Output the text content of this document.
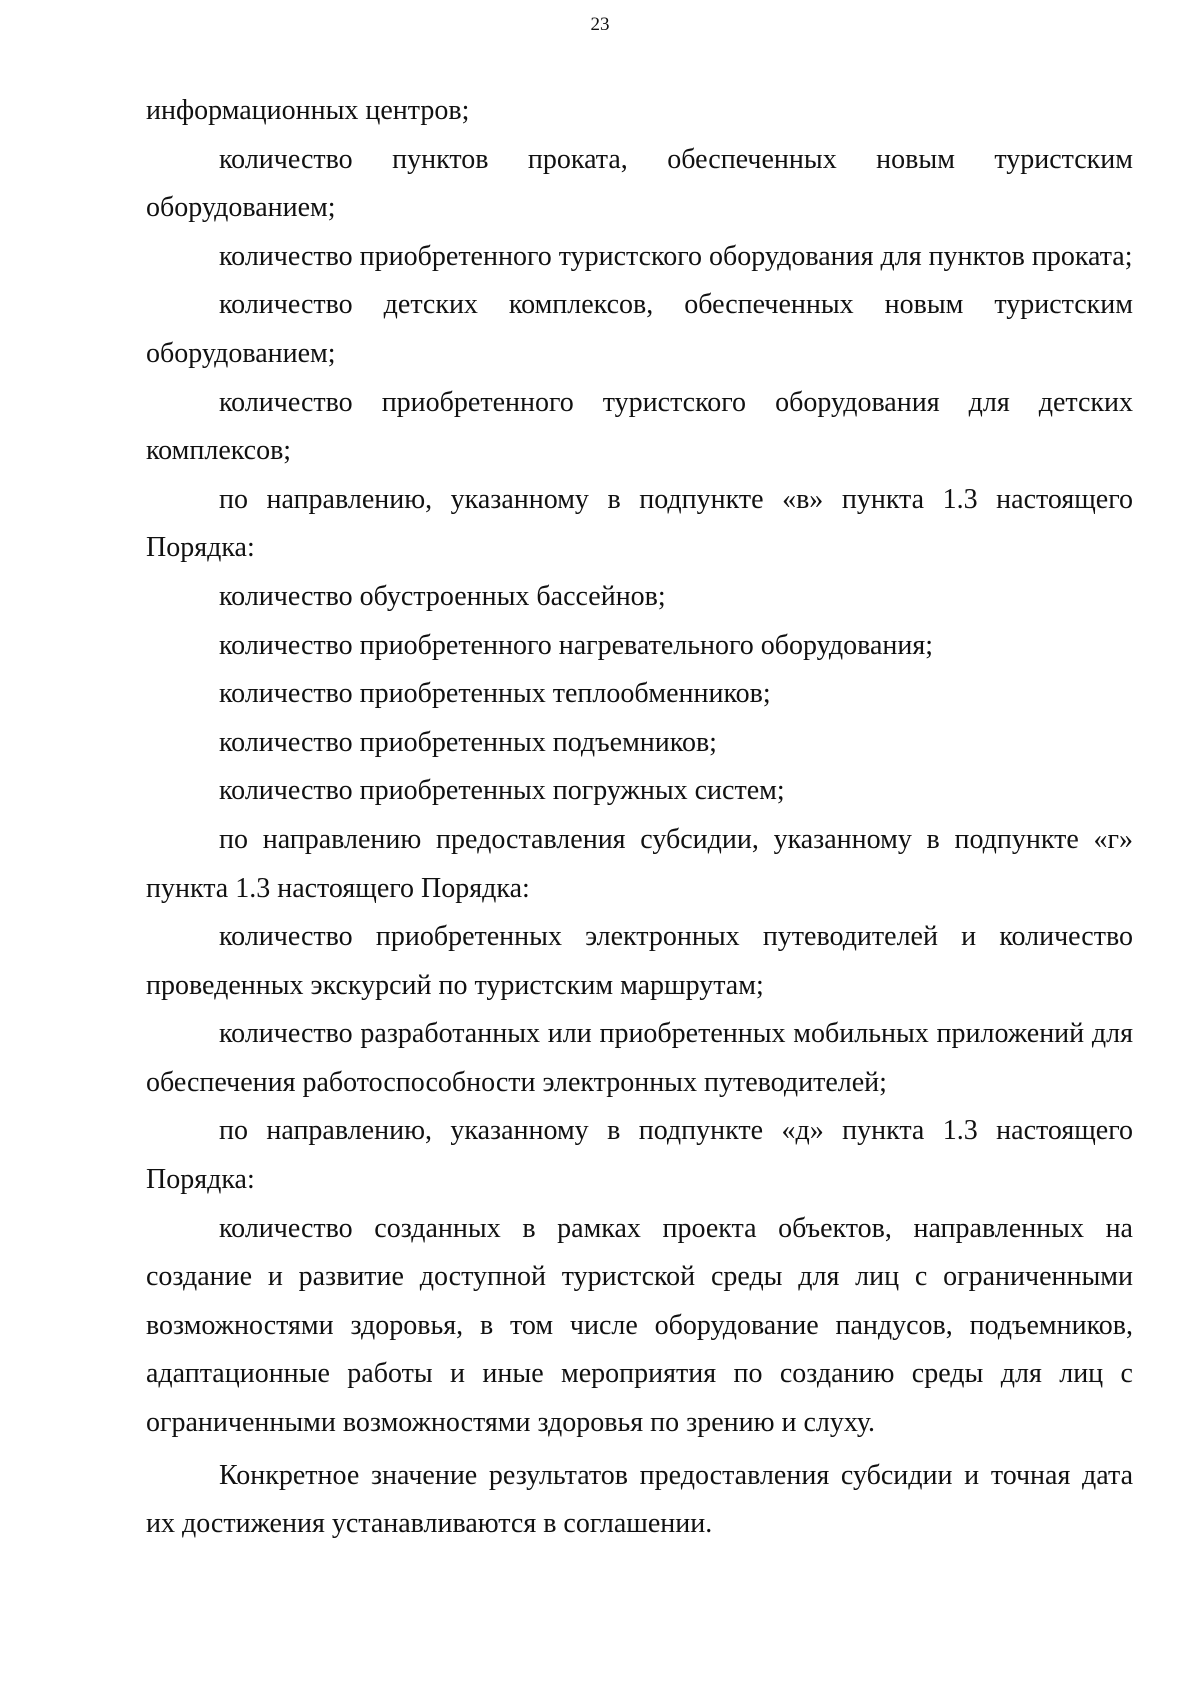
23

информационных центров;

количество пунктов проката, обеспеченных новым туристским оборудованием;

количество приобретенного туристского оборудования для пунктов проката;

количество детских комплексов, обеспеченных новым туристским оборудованием;

количество приобретенного туристского оборудования для детских комплексов;

по направлению, указанному в подпункте «в» пункта 1.3 настоящего Порядка:

количество обустроенных бассейнов;

количество приобретенного нагревательного оборудования;

количество приобретенных теплообменников;

количество приобретенных подъемников;

количество приобретенных погружных систем;

по направлению предоставления субсидии, указанному в подпункте «г» пункта 1.3 настоящего Порядка:

количество приобретенных электронных путеводителей и количество проведенных экскурсий по туристским маршрутам;

количество разработанных или приобретенных мобильных приложений для обеспечения работоспособности электронных путеводителей;

по направлению, указанному в подпункте «д» пункта 1.3 настоящего Порядка:

количество созданных в рамках проекта объектов, направленных на создание и развитие доступной туристской среды для лиц с ограниченными возможностями здоровья, в том числе оборудование пандусов, подъемников, адаптационные работы и иные мероприятия по созданию среды для лиц с ограниченными возможностями здоровья по зрению и слуху.

Конкретное значение результатов предоставления субсидии и точная дата их достижения устанавливаются в соглашении.
